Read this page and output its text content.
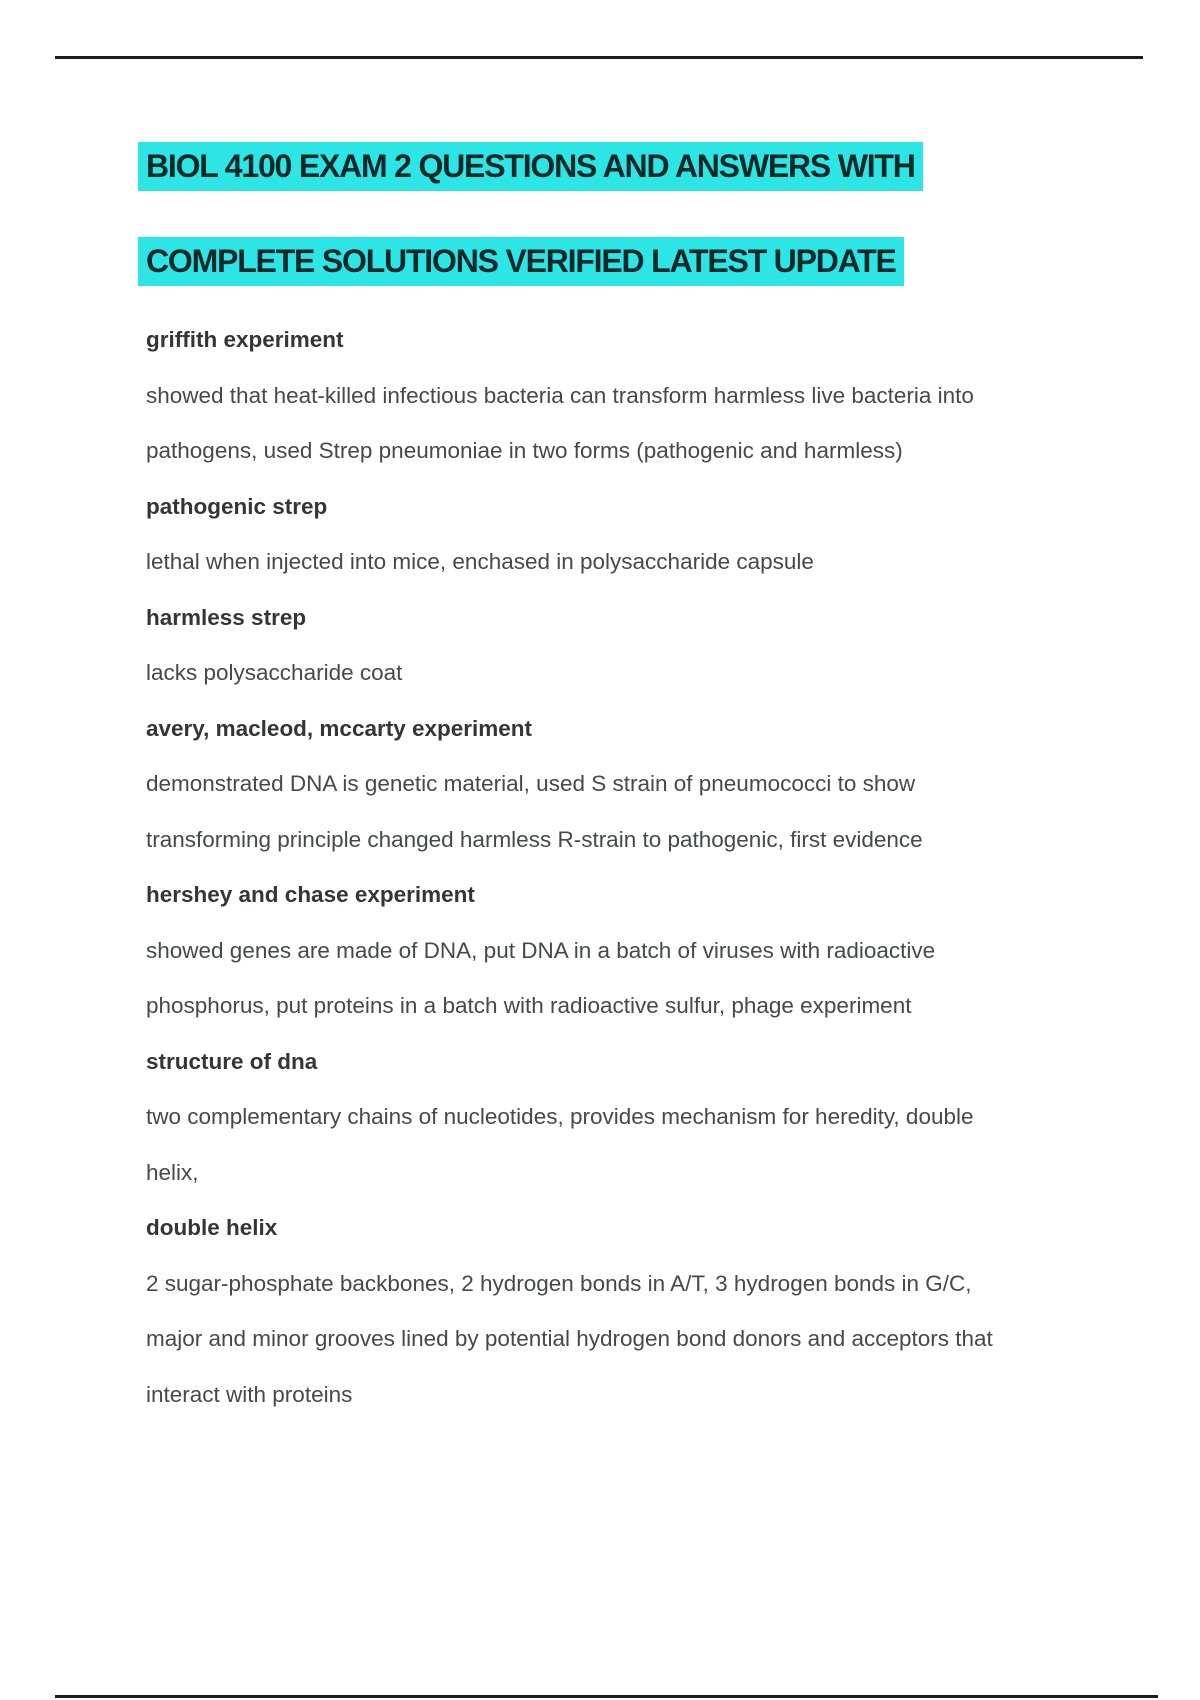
BIOL 4100 EXAM 2 QUESTIONS AND ANSWERS WITH
COMPLETE SOLUTIONS VERIFIED LATEST UPDATE
griffith experiment
showed that heat-killed infectious bacteria can transform harmless live bacteria into
pathogens, used Strep pneumoniae in two forms (pathogenic and harmless)
pathogenic strep
lethal when injected into mice, enchased in polysaccharide capsule
harmless strep
lacks polysaccharide coat
avery, macleod, mccarty experiment
demonstrated DNA is genetic material, used S strain of pneumococci to show
transforming principle changed harmless R-strain to pathogenic, first evidence
hershey and chase experiment
showed genes are made of DNA, put DNA in a batch of viruses with radioactive
phosphorus, put proteins in a batch with radioactive sulfur, phage experiment
structure of dna
two complementary chains of nucleotides, provides mechanism for heredity, double
helix,
double helix
2 sugar-phosphate backbones, 2 hydrogen bonds in A/T, 3 hydrogen bonds in G/C,
major and minor grooves lined by potential hydrogen bond donors and acceptors that
interact with proteins
